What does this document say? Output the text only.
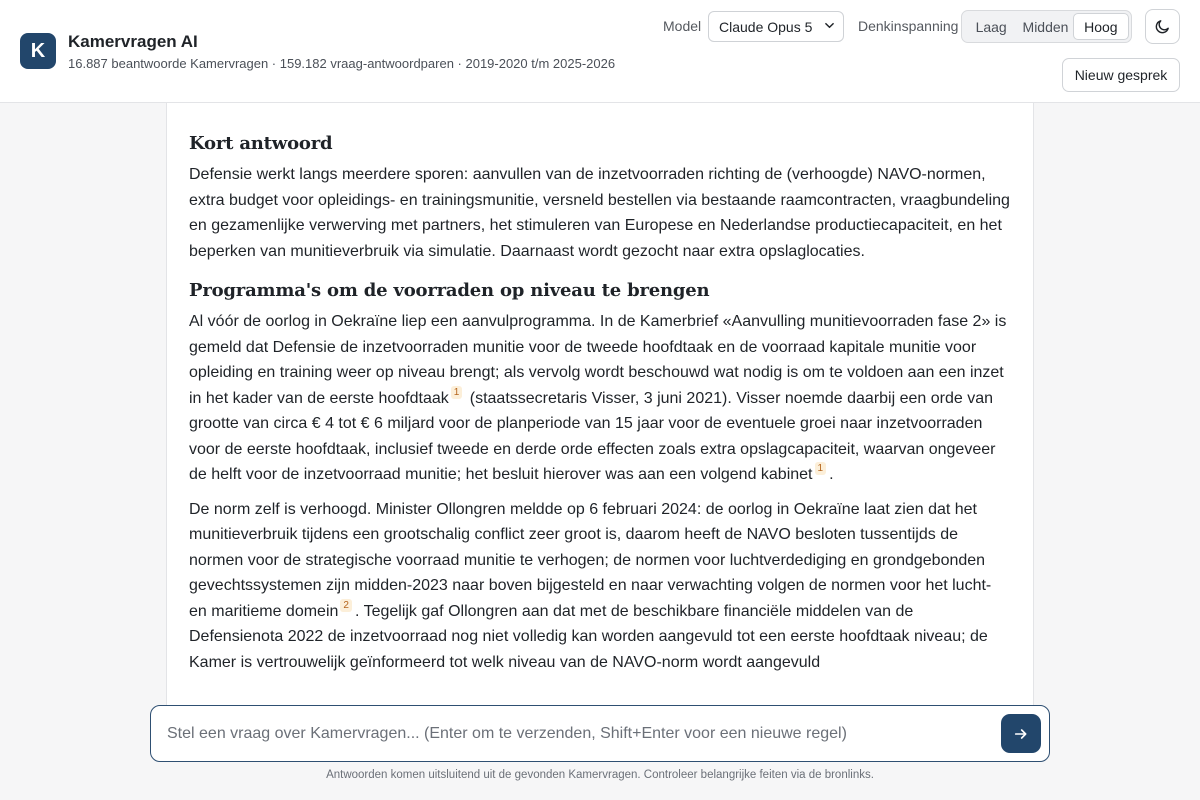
K Kamervragen AI
16.887 beantwoorde Kamervragen · 159.182 vraag-antwoordparen · 2019-2020 t/m 2025-2026
Model Claude Opus 5	Denkinspanning	Laag	Midden	Hoog
Nieuw gesprek
Kort antwoord

Defensie werkt langs meerdere sporen: aanvullen van de inzetvoorraden richting de (verhoogde) NAVO-normen, extra budget voor opleidings- en trainingsmunitie, versneld bestellen via bestaande raamcontracten, vraagbundeling en gezamenlijke verwerving met partners, het stimuleren van Europese en Nederlandse productiecapaciteit, en het beperken van munitieverbruik via simulatie. Daarnaast wordt gezocht naar extra opslaglocaties.

Programma's om de voorraden op niveau te brengen

Al vóór de oorlog in Oekraïne liep een aanvulprogramma. In de Kamerbrief «Aanvulling munitievoorraden fase 2» is gemeld dat Defensie de inzetvoorraden munitie voor de tweede hoofdtaak en de voorraad kapitale munitie voor opleiding en training weer op niveau brengt; als vervolg wordt beschouwd wat nodig is om te voldoen aan een inzet in het kader van de eerste hoofdtaak 1 (staatssecretaris Visser, 3 juni 2021). Visser noemde daarbij een orde van grootte van circa € 4 tot € 6 miljard voor de planperiode van 15 jaar voor de eventuele groei naar inzetvoorraden voor de eerste hoofdtaak, inclusief tweede en derde orde effecten zoals extra opslagcapaciteit, waarvan ongeveer de helft voor de inzetvoorraad munitie; het besluit hierover was aan een volgend kabinet 1 .

De norm zelf is verhoogd. Minister Ollongren meldde op 6 februari 2024: de oorlog in Oekraïne laat zien dat het munitieverbruik tijdens een grootschalig conflict zeer groot is, daarom heeft de NAVO besloten tussentijds de normen voor de strategische voorraad munitie te verhogen; de normen voor luchtverdediging en grondgebonden gevechtssystemen zijn midden-2023 naar boven bijgesteld en naar verwachting volgen de normen voor het lucht- en maritieme domein 2 . Tegelijk gaf Ollongren aan dat met de beschikbare financiële middelen van de Defensienota 2022 de inzetvoorraad nog niet volledig kan worden aangevuld tot een eerste hoofdtaak niveau; de Kamer is vertrouwelijk geïnformeerd tot welk niveau van de NAVO-norm wordt aangevuld

Stel een vraag over Kamervragen... (Enter om te verzenden, Shift+Enter voor een nieuwe regel)
Antwoorden komen uitsluitend uit de gevonden Kamervragen. Controleer belangrijke feiten via de bronlinks.
